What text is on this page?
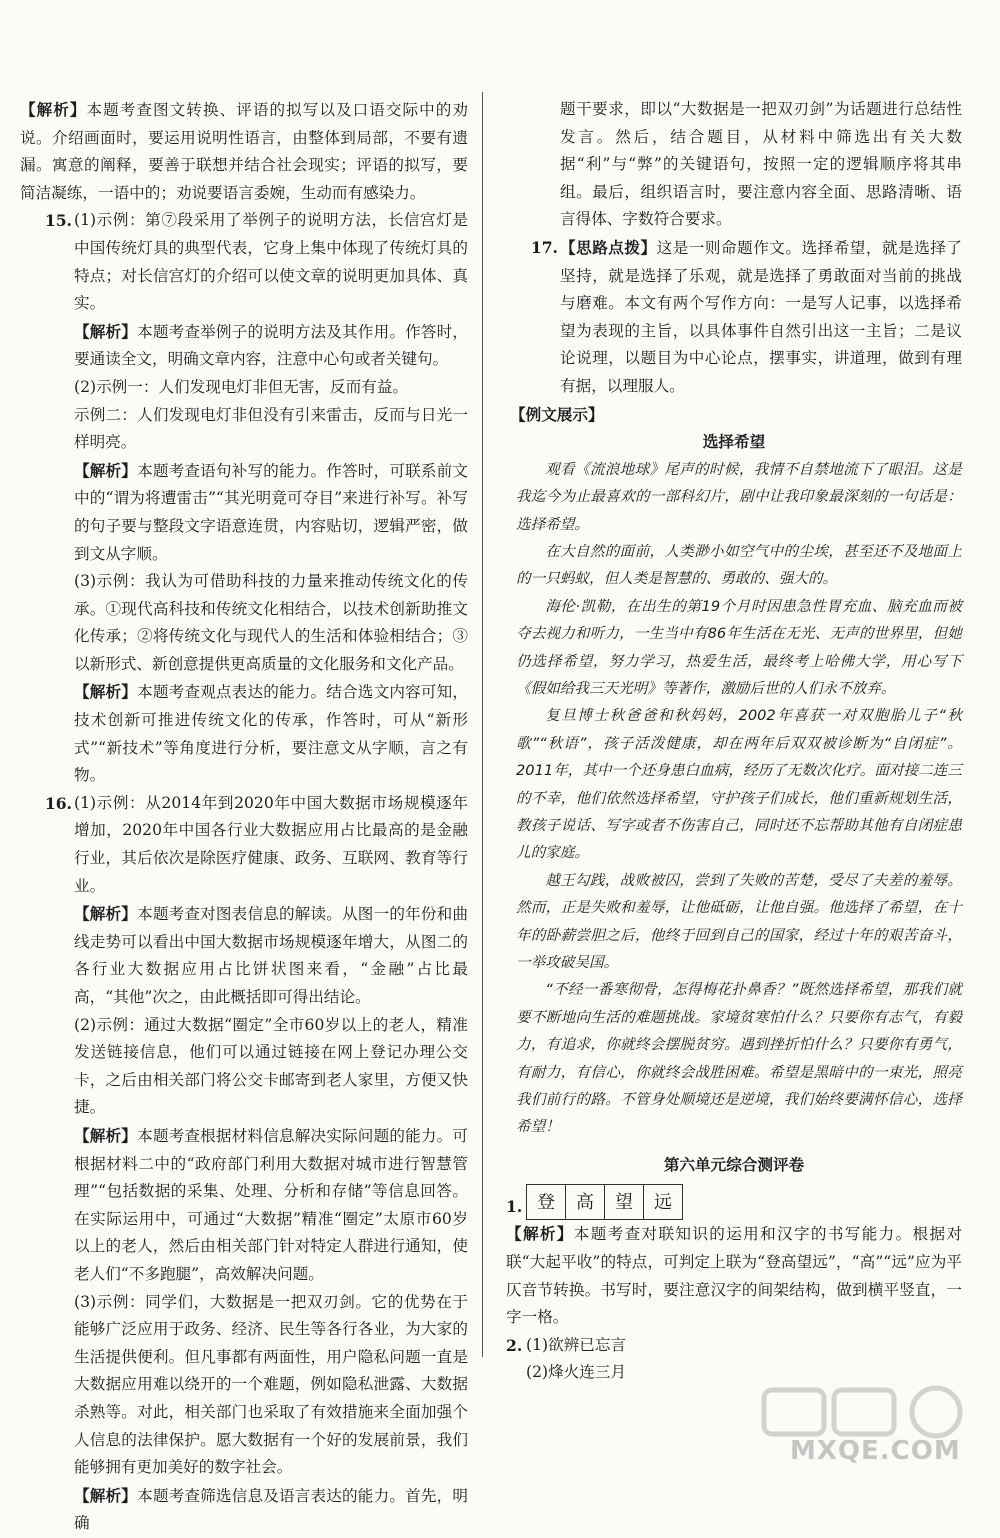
【解析】本题考查图文转换、评语的拟写以及口语交际中的劝说。介绍画面时，要运用说明性语言，由整体到局部，不要有遗漏。寓意的阐释，要善于联想并结合社会现实；评语的拟写，要简洁凝练，一语中的；劝说要语言委婉，生动而有感染力。

15. (1)示例：第⑦段采用了举例子的说明方法，长信宫灯是中国传统灯具的典型代表，它身上集中体现了传统灯具的特点；对长信宫灯的介绍可以使文章的说明更加具体、真实。

【解析】本题考查举例子的说明方法及其作用。作答时，要通读全文，明确文章内容，注意中心句或者关键句。

(2)示例一：人们发现电灯非但无害，反而有益。

示例二：人们发现电灯非但没有引来雷击，反而与日光一样明亮。

【解析】本题考查语句补写的能力。作答时，可联系前文中的“谓为将遭雷击”“其光明竟可夺目”来进行补写。补写的句子要与整段文字语意连贯，内容贴切，逻辑严密，做到文从字顺。

(3)示例：我认为可借助科技的力量来推动传统文化的传承。①现代高科技和传统文化相结合，以技术创新助推文化传承；②将传统文化与现代人的生活和体验相结合；③以新形式、新创意提供更高质量的文化服务和文化产品。

【解析】本题考查观点表达的能力。结合选文内容可知，技术创新可推进传统文化的传承，作答时，可从“新形式”“新技术”等角度进行分析，要注意文从字顺，言之有物。

16. (1)示例：从2014年到2020年中国大数据市场规模逐年增加，2020年中国各行业大数据应用占比最高的是金融行业，其后依次是除医疗健康、政务、互联网、教育等行业。

【解析】本题考查对图表信息的解读。从图一的年份和曲线走势可以看出中国大数据市场规模逐年增大，从图二的各行业大数据应用占比饼状图来看，“金融”占比最高，“其他”次之，由此概括即可得出结论。

(2)示例：通过大数据“圈定”全市60岁以上的老人，精准发送链接信息，他们可以通过链接在网上登记办理公交卡，之后由相关部门将公交卡邮寄到老人家里，方便又快捷。

【解析】本题考查根据材料信息解决实际问题的能力。可根据材料二中的“政府部门利用大数据对城市进行智慧管理”“包括数据的采集、处理、分析和存储”等信息回答。在实际运用中，可通过“大数据”精准“圈定”太原市60岁以上的老人，然后由相关部门针对特定人群进行通知，使老人们“不多跑腿”，高效解决问题。

(3)示例：同学们，大数据是一把双刃剑。它的优势在于能够广泛应用于政务、经济、民生等各行各业，为大家的生活提供便利。但凡事都有两面性，用户隐私问题一直是大数据应用难以绕开的一个难题，例如隐私泄露、大数据杀熟等。对此，相关部门也采取了有效措施来全面加强个人信息的法律保护。愿大数据有一个好的发展前景，我们能够拥有更加美好的数字社会。

【解析】本题考查筛选信息及语言表达的能力。首先，明确

题干要求，即以“大数据是一把双刃剑”为话题进行总结性发言。然后，结合题目，从材料中筛选出有关大数据“利”与“弊”的关键语句，按照一定的逻辑顺序将其串组。最后，组织语言时，要注意内容全面、思路清晰、语言得体、字数符合要求。

17. 【思路点拨】这是一则命题作文。选择希望，就是选择了坚持，就是选择了乐观，就是选择了勇敢面对当前的挑战与磨难。本文有两个写作方向：一是写人记事，以选择希望为表现的主旨，以具体事件自然引出这一主旨；二是议论说理，以题目为中心论点，摆事实，讲道理，做到有理有据，以理服人。

【例文展示】

选择希望

观看《流浪地球》尾声的时候，我情不自禁地流下了眼泪。这是我迄今为止最喜欢的一部科幻片，剧中让我印象最深刻的一句话是：选择希望。

在大自然的面前，人类渺小如空气中的尘埃，甚至还不及地面上的一只蚂蚁，但人类是智慧的、勇敢的、强大的。

海伦·凯勒，在出生的第19个月时因患急性胃充血、脑充血而被夺去视力和听力，一生当中有86年生活在无光、无声的世界里，但她仍选择希望，努力学习，热爱生活，最终考上哈佛大学，用心写下《假如给我三天光明》等著作，激励后世的人们永不放弃。

复旦博士秋爸爸和秋妈妈，2002年喜获一对双胞胎儿子“秋歌”“秋语”，孩子活泼健康，却在两年后双双被诊断为“自闭症”。2011年，其中一个还身患白血病，经历了无数次化疗。面对接二连三的不幸，他们依然选择希望，守护孩子们成长，他们重新规划生活，教孩子说话、写字或者不伤害自己，同时还不忘帮助其他有自闭症患儿的家庭。

越王勾践，战败被囚，尝到了失败的苦楚，受尽了夫差的羞辱。然而，正是失败和羞辱，让他砥砺，让他自强。他选择了希望，在十年的卧薪尝胆之后，他终于回到自己的国家，经过十年的艰苦奋斗，一举攻破吴国。

“不经一番寒彻骨，怎得梅花扑鼻香？”既然选择希望，那我们就要不断地向生活的难题挑战。家境贫寒怕什么？只要你有志气，有毅力，有追求，你就终会摆脱贫穷。遇到挫折怕什么？只要你有勇气，有耐力，有信心，你就终会战胜困难。希望是黑暗中的一束光，照亮我们前行的路。不管身处顺境还是逆境，我们始终要满怀信心，选择希望！

第六单元综合测评卷

1. 登	高	望	远

【解析】本题考查对联知识的运用和汉字的书写能力。根据对联“大起平收”的特点，可判定上联为“登高望远”，“高”“远”应为平仄音节转换。书写时，要注意汉字的间架结构，做到横平竖直，一字一格。

2. (1)欲辨已忘言

(2)烽火连三月

MXQE.COM
